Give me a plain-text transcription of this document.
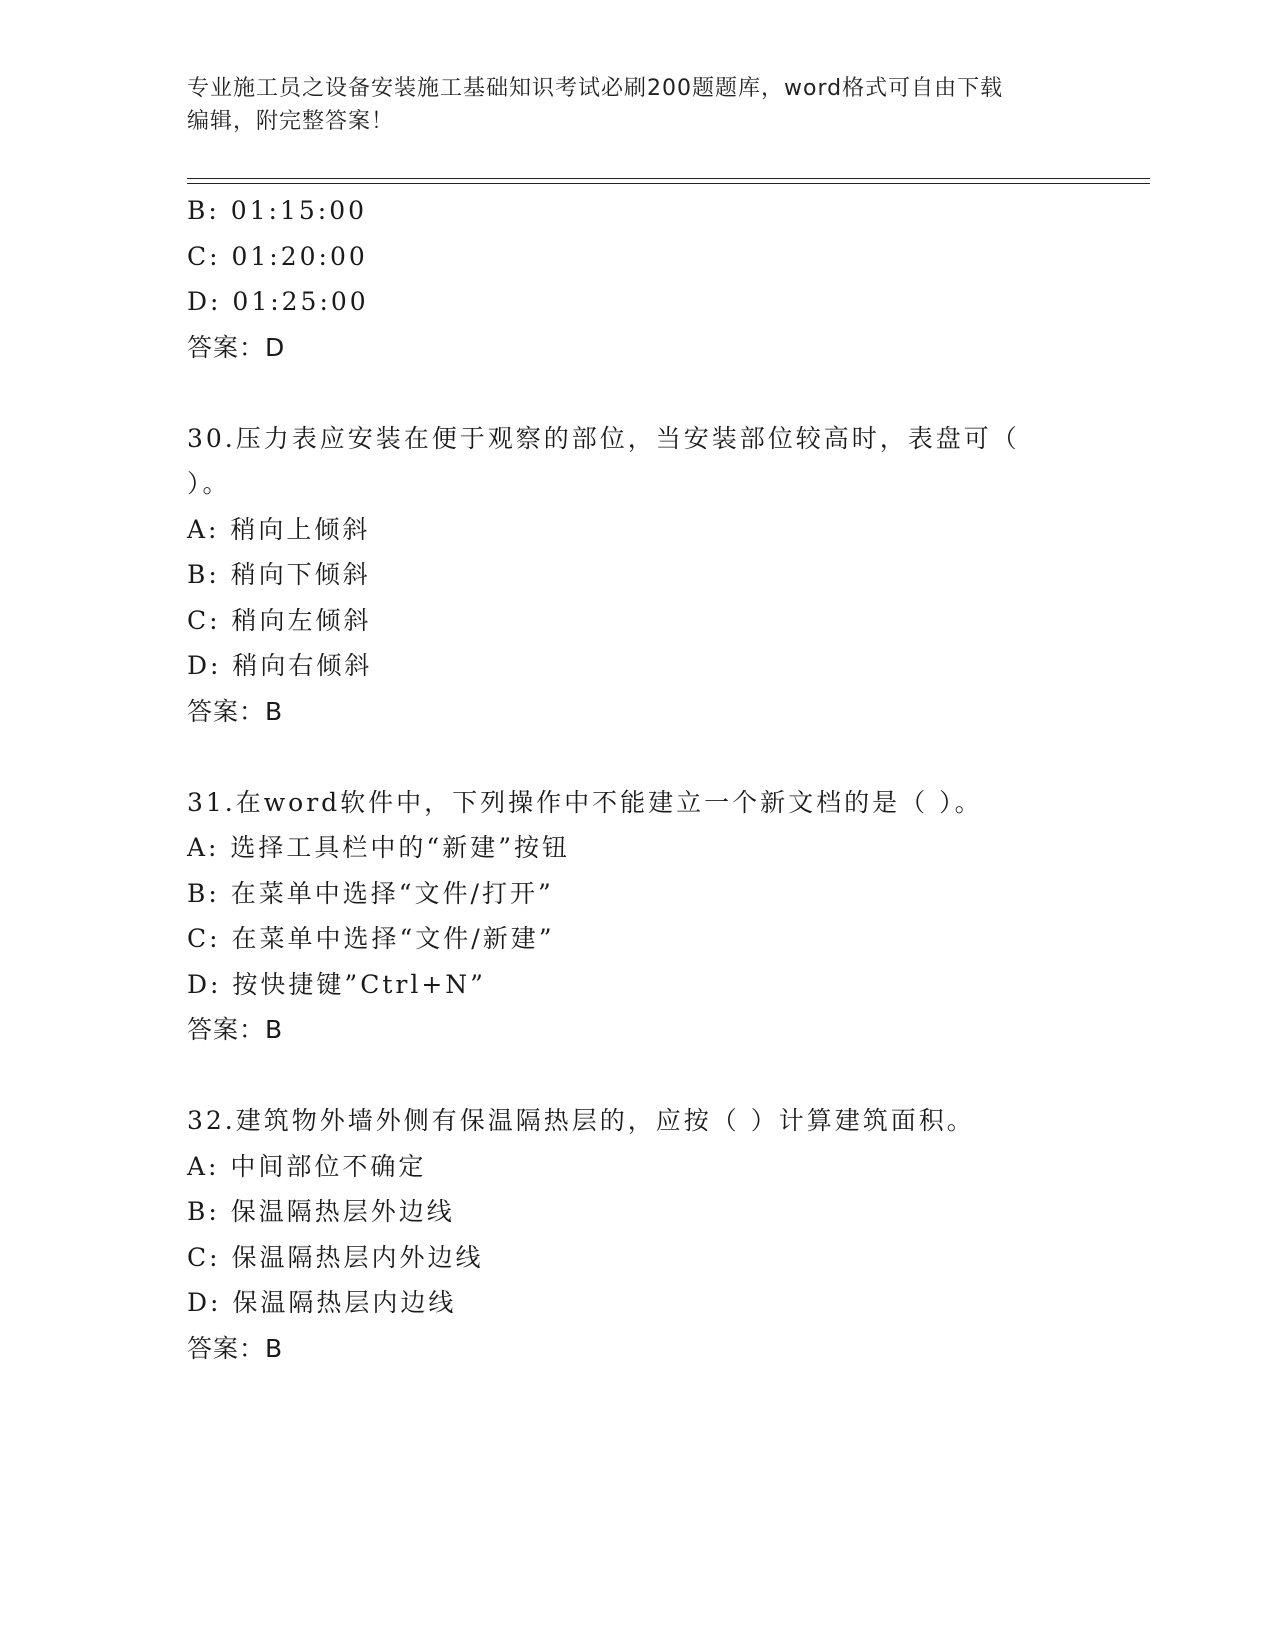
专业施工员之设备安装施工基础知识考试必刷200题题库，word格式可自由下载
编辑，附完整答案！
B: 01:15:00
C: 01:20:00
D: 01:25:00
答案：D
30.压力表应安装在便于观察的部位，当安装部位较高时，表盘可（
）。
A: 稍向上倾斜
B: 稍向下倾斜
C: 稍向左倾斜
D: 稍向右倾斜
答案：B
31.在word软件中，下列操作中不能建立一个新文档的是（ ）。
A: 选择工具栏中的“新建”按钮
B: 在菜单中选择“文件/打开”
C: 在菜单中选择“文件/新建”
D: 按快捷键”Ctrl+N”
答案：B
32.建筑物外墙外侧有保温隔热层的，应按（ ）计算建筑面积。
A: 中间部位不确定
B: 保温隔热层外边线
C: 保温隔热层内外边线
D: 保温隔热层内边线
答案：B
